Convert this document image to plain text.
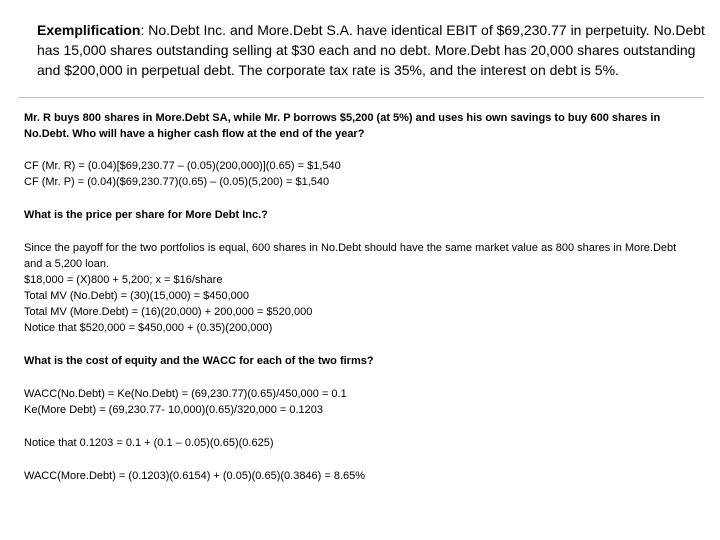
Exemplification: No.Debt Inc. and More.Debt S.A. have identical EBIT of $69,230.77 in perpetuity. No.Debt has 15,000 shares outstanding selling at $30 each and no debt. More.Debt has 20,000 shares outstanding and $200,000 in perpetual debt. The corporate tax rate is 35%, and the interest on debt is 5%.

Mr. R buys 800 shares in More.Debt SA, while Mr. P borrows $5,200 (at 5%) and uses his own savings to buy 600 shares in No.Debt. Who will have a higher cash flow at the end of the year?

CF (Mr. R) = (0.04)[$69,230.77 – (0.05)(200,000)](0.65) = $1,540

CF (Mr. P) = (0.04)($69,230.77)(0.65) – (0.05)(5,200) = $1,540

What is the price per share for More Debt Inc.?

Since the payoff for the two portfolios is equal, 600 shares in No.Debt should have the same market value as 800 shares in More.Debt and a 5,200 loan.

$18,000 = (X)800 + 5,200; x = $16/share

Total MV (No.Debt) = (30)(15,000) = $450,000

Total MV (More.Debt) = (16)(20,000) + 200,000 = $520,000

Notice that $520,000 = $450,000 + (0.35)(200,000)

What is the cost of equity and the WACC for each of the two firms?

WACC(No.Debt) = Ke(No.Debt) = (69,230.77)(0.65)/450,000 = 0.1

Ke(More Debt) = (69,230.77- 10,000)(0.65)/320,000 = 0.1203

Notice that 0.1203 = 0.1 + (0.1 – 0.05)(0.65)(0.625)

WACC(More.Debt) = (0.1203)(0.6154) + (0.05)(0.65)(0.3846) = 8.65%
